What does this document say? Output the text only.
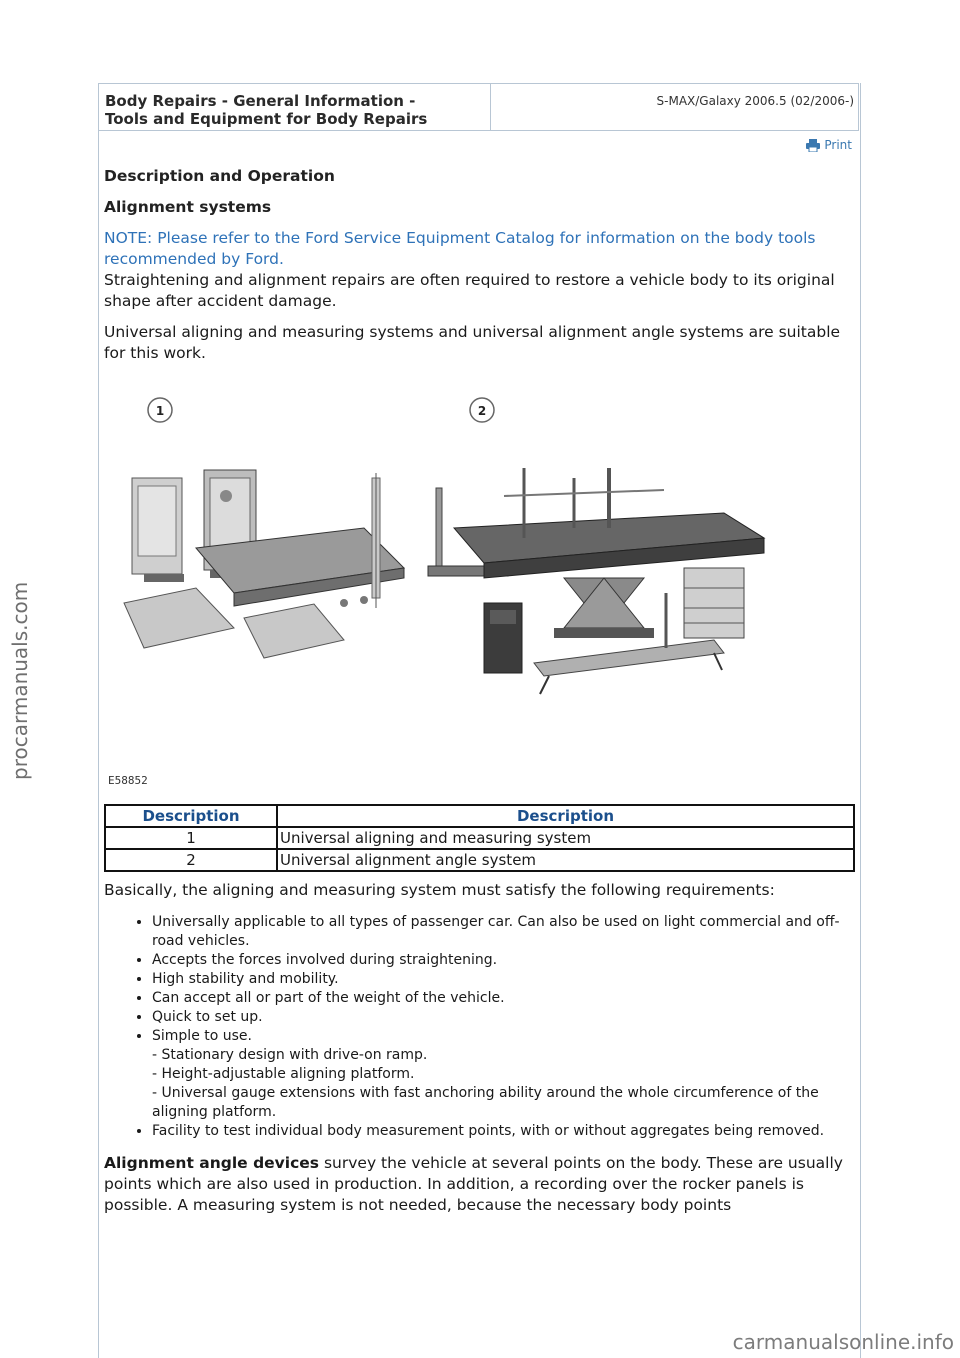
procarmanuals.com
Body Repairs - General Information -
Tools and Equipment for Body Repairs
S-MAX/Galaxy 2006.5 (02/2006-)
Print
Description and Operation
Alignment systems
NOTE: Please refer to the Ford Service Equipment Catalog for information on the body tools recommended by Ford.

Straightening and alignment repairs are often required to restore a vehicle body to its original shape after accident damage.

Universal aligning and measuring systems and universal alignment angle systems are suitable for this work.

1	2
E58852
Description	Description
1	Universal aligning and measuring system
2	Universal alignment angle system

Basically, the aligning and measuring system must satisfy the following requirements:

• Universally applicable to all types of passenger car. Can also be used on light commercial and off-road vehicles.
• Accepts the forces involved during straightening.
• High stability and mobility.
• Can accept all or part of the weight of the vehicle.
• Quick to set up.
• Simple to use.
- Stationary design with drive-on ramp.
- Height-adjustable aligning platform.
- Universal gauge extensions with fast anchoring ability around the whole circumference of the aligning platform.
• Facility to test individual body measurement points, with or without aggregates being removed.

Alignment angle devices survey the vehicle at several points on the body. These are usually points which are also used in production. In addition, a recording over the rocker panels is possible. A measuring system is not needed, because the necessary body points

carmanualsonline.info
